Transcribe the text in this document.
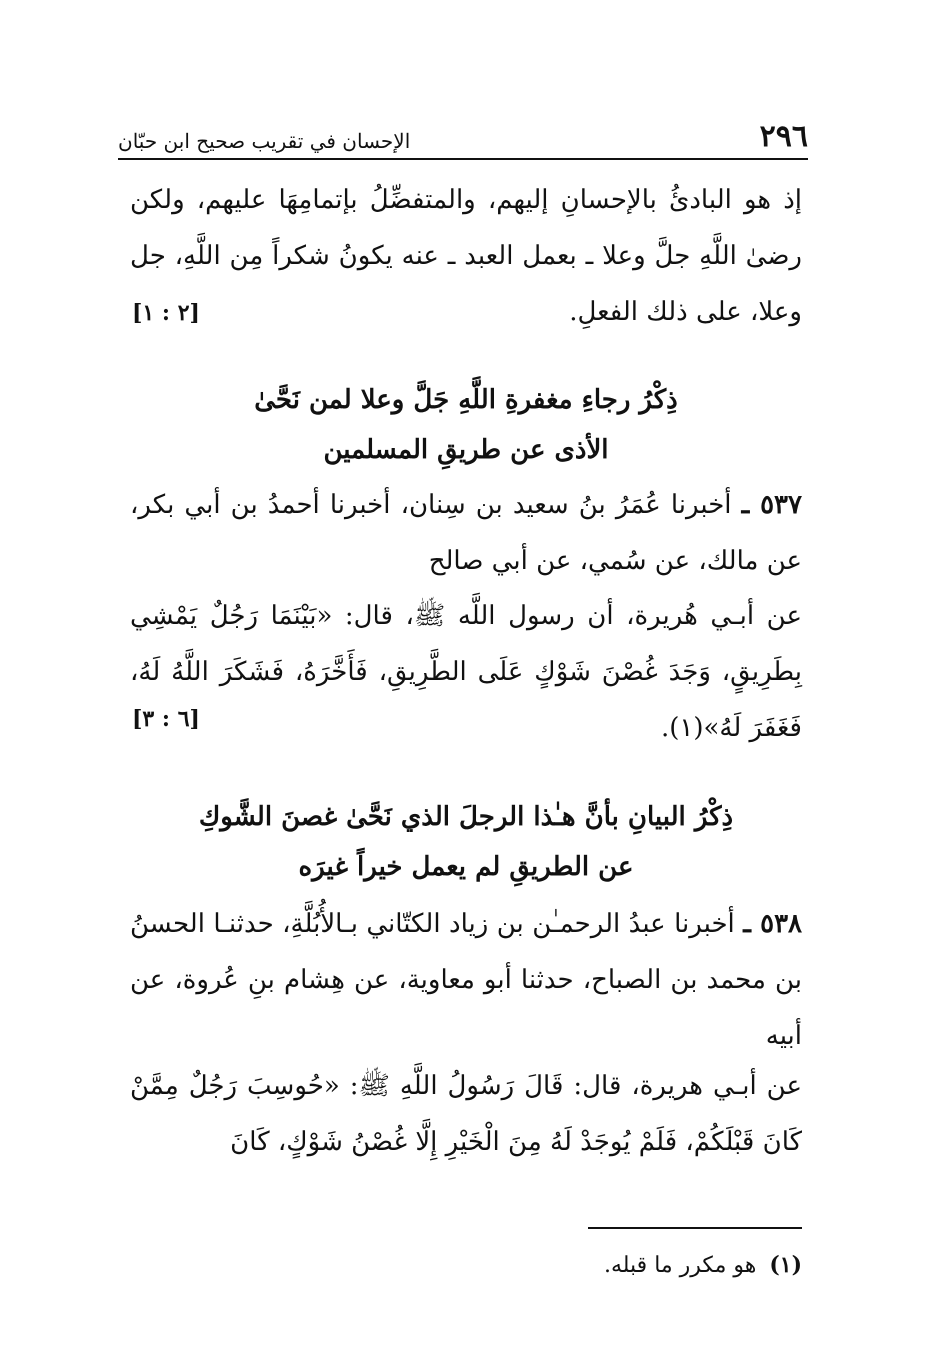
٢٩٦
الإحسان في تقريب صحيح ابن حبّان
إذ هو البادئُ بالإحسانِ إليهم، والمتفضِّلُ بإتمامِهَا عليهم، ولكن رضىٰ اللَّهِ جلَّ وعلا ـ بعمل العبد ـ عنه يكونُ شكراً مِن اللَّهِ، جل وعلا، على ذلك الفعلِ.
[٢ : ١]
ذِكْرُ رجاءِ مغفرةِ اللَّهِ جَلَّ وعلا لمن نَحَّىٰ
الأذى عن طريقِ المسلمين
٥٣٧ ـ أخبرنا عُمَرُ بنُ سعيد بن سِنان، أخبرنا أحمدُ بن أبي بكر، عن مالك، عن سُمي، عن أبي صالح
عن أبـي هُريرة، أن رسول اللَّه ﷺ، قال: «بَيْنَمَا رَجُلٌ يَمْشِي بِطَرِيقٍ، وَجَدَ غُصْنَ شَوْكٍ عَلَى الطَّرِيقِ، فَأَخَّرَهُ، فَشَكَرَ اللَّهُ لَهُ، فَغَفَرَ لَهُ»(١).
[٦ : ٣]
ذِكْرُ البيانِ بأنَّ هـٰذا الرجلَ الذي نَحَّىٰ غصنَ الشَّوكِ
عن الطريقِ لم يعمل خيراً غيرَه
٥٣٨ ـ أخبرنا عبدُ الرحمـٰن بن زياد الكتّاني بـالأُبُلَّةِ، حدثنـا الحسنُ بن محمد بن الصباح، حدثنا أبو معاوية، عن هِشام بنِ عُروة، عن أبيه
عن أبـي هريرة، قال: قَالَ رَسُولُ اللَّهِ ﷺ: «حُوسِبَ رَجُلٌ مِمَّنْ كَانَ قَبْلَكُمْ، فَلَمْ يُوجَدْ لَهُ مِنَ الْخَيْرِ إِلَّا غُصْنُ شَوْكٍ، كَانَ
(١) هو مكرر ما قبله.
